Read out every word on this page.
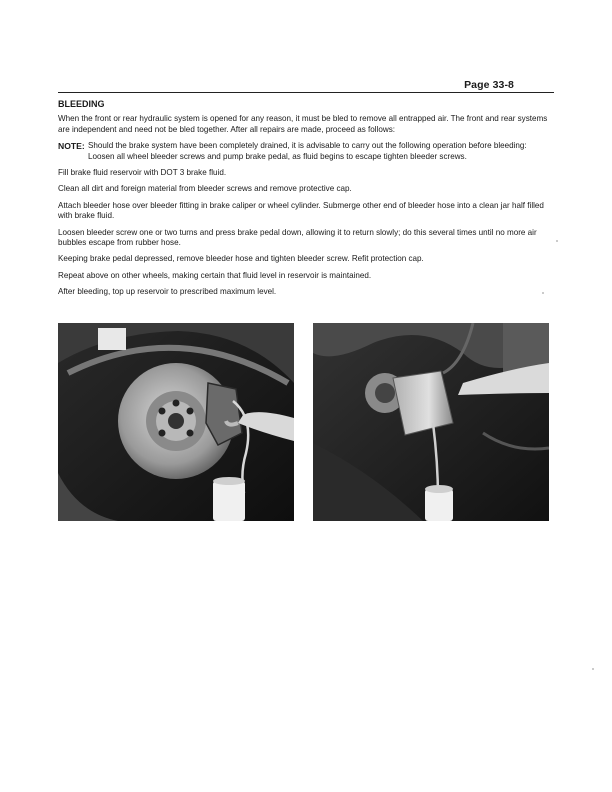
Page 33-8
BLEEDING

When the front or rear hydraulic system is opened for any reason, it must be bled to remove all entrapped air. The front and rear systems are independent and need not be bled together. After all repairs are made, proceed as follows:

NOTE: Should the brake system have been completely drained, it is advisable to carry out the following operation before bleeding:
Loosen all wheel bleeder screws and pump brake pedal, as fluid begins to escape tighten bleeder screws.

Fill brake fluid reservoir with DOT 3 brake fluid.

Clean all dirt and foreign material from bleeder screws and remove protective cap.

Attach bleeder hose over bleeder fitting in brake caliper or wheel cylinder. Submerge other end of bleeder hose into a clean jar half filled with brake fluid.

Loosen bleeder screw one or two turns and press brake pedal down, allowing it to return slowly; do this several times until no more air bubbles escape from rubber hose.

Keeping brake pedal depressed, remove bleeder hose and tighten bleeder screw. Refit protection cap.

Repeat above on other wheels, making certain that fluid level in reservoir is maintained.

After bleeding, top up reservoir to prescribed maximum level.
